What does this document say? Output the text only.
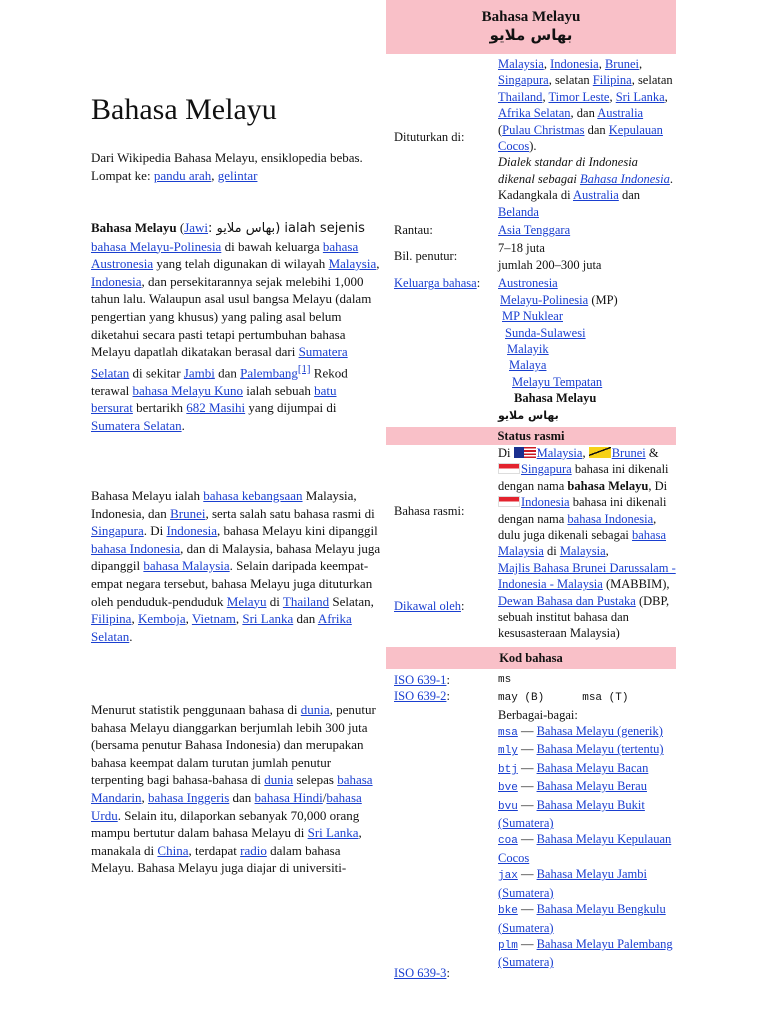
Bahasa Melayu
Dari Wikipedia Bahasa Melayu, ensiklopedia bebas.
Lompat ke: pandu arah, gelintar

Bahasa Melayu (Jawi: بهاس ملايو) ialah sejenis bahasa Melayu-Polinesia di bawah keluarga bahasa Austronesia yang telah digunakan di wilayah Malaysia, Indonesia, dan persekitarannya sejak melebihi 1,000 tahun lalu. Walaupun asal usul bangsa Melayu (dalam pengertian yang khusus) yang paling asal belum diketahui secara pasti tetapi pertumbuhan bahasa Melayu dapatlah dikatakan berasal dari Sumatera Selatan di sekitar Jambi dan Palembang[1] Rekod terawal bahasa Melayu Kuno ialah sebuah batu bersurat bertarikh 682 Masihi yang dijumpai di Sumatera Selatan.

Bahasa Melayu ialah bahasa kebangsaan Malaysia, Indonesia, dan Brunei, serta salah satu bahasa rasmi di Singapura. Di Indonesia, bahasa Melayu kini dipanggil bahasa Indonesia, dan di Malaysia, bahasa Melayu juga dipanggil bahasa Malaysia. Selain daripada keempat-empat negara tersebut, bahasa Melayu juga dituturkan oleh penduduk-penduduk Melayu di Thailand Selatan, Filipina, Kemboja, Vietnam, Sri Lanka dan Afrika Selatan.

Menurut statistik penggunaan bahasa di dunia, penutur bahasa Melayu dianggarkan berjumlah lebih 300 juta (bersama penutur Bahasa Indonesia) dan merupakan bahasa keempat dalam turutan jumlah penutur terpenting bagi bahasa-bahasa di dunia selepas bahasa Mandarin, bahasa Inggeris dan bahasa Hindi/bahasa Urdu. Selain itu, dilaporkan sebanyak 70,000 orang mampu bertutur dalam bahasa Melayu di Sri Lanka, manakala di China, terdapat radio dalam bahasa Melayu. Bahasa Melayu juga diajar di universiti-

Bahasa Melayu
بهاس ملايو
Dituturkan di:
Malaysia, Indonesia, Brunei, Singapura, selatan Filipina, selatan Thailand, Timor Leste, Sri Lanka, Afrika Selatan, dan Australia (Pulau Christmas dan Kepulauan Cocos).
Dialek standar di Indonesia dikenal sebagai Bahasa Indonesia. Kadangkala di Australia dan Belanda
Rantau:	Asia Tenggara
Bil. penutur:
7–18 juta
jumlah 200–300 juta
Keluarga bahasa:	Austronesia
Melayu-Polinesia (MP)
MP Nuklear
Sunda-Sulawesi
Malayik
Malaya
Melayu Tempatan
Bahasa Melayu
بهاس ملايو
Status rasmi
Bahasa rasmi:
Di Malaysia, Brunei &
Singapura bahasa ini dikenali dengan nama bahasa Melayu, Di Indonesia bahasa ini dikenali dengan nama bahasa Indonesia, dulu juga dikenali sebagai bahasa Malaysia di Malaysia,
Dikawal oleh:
Majlis Bahasa Brunei Darussalam - Indonesia - Malaysia (MABBIM), Dewan Bahasa dan Pustaka (DBP, sebuah institut bahasa dan kesusasteraan Malaysia)
Kod bahasa
ISO 639-1:	ms
ISO 639-2:	may (B)	msa (T)
ISO 639-3:
Berbagai-bagai:
msa — Bahasa Melayu (generik)
mly — Bahasa Melayu (tertentu)
btj — Bahasa Melayu Bacan
bve — Bahasa Melayu Berau
bvu — Bahasa Melayu Bukit (Sumatera)
coa — Bahasa Melayu Kepulauan Cocos
jax — Bahasa Melayu Jambi (Sumatera)
bke — Bahasa Melayu Bengkulu (Sumatera)
plm — Bahasa Melayu Palembang (Sumatera)
